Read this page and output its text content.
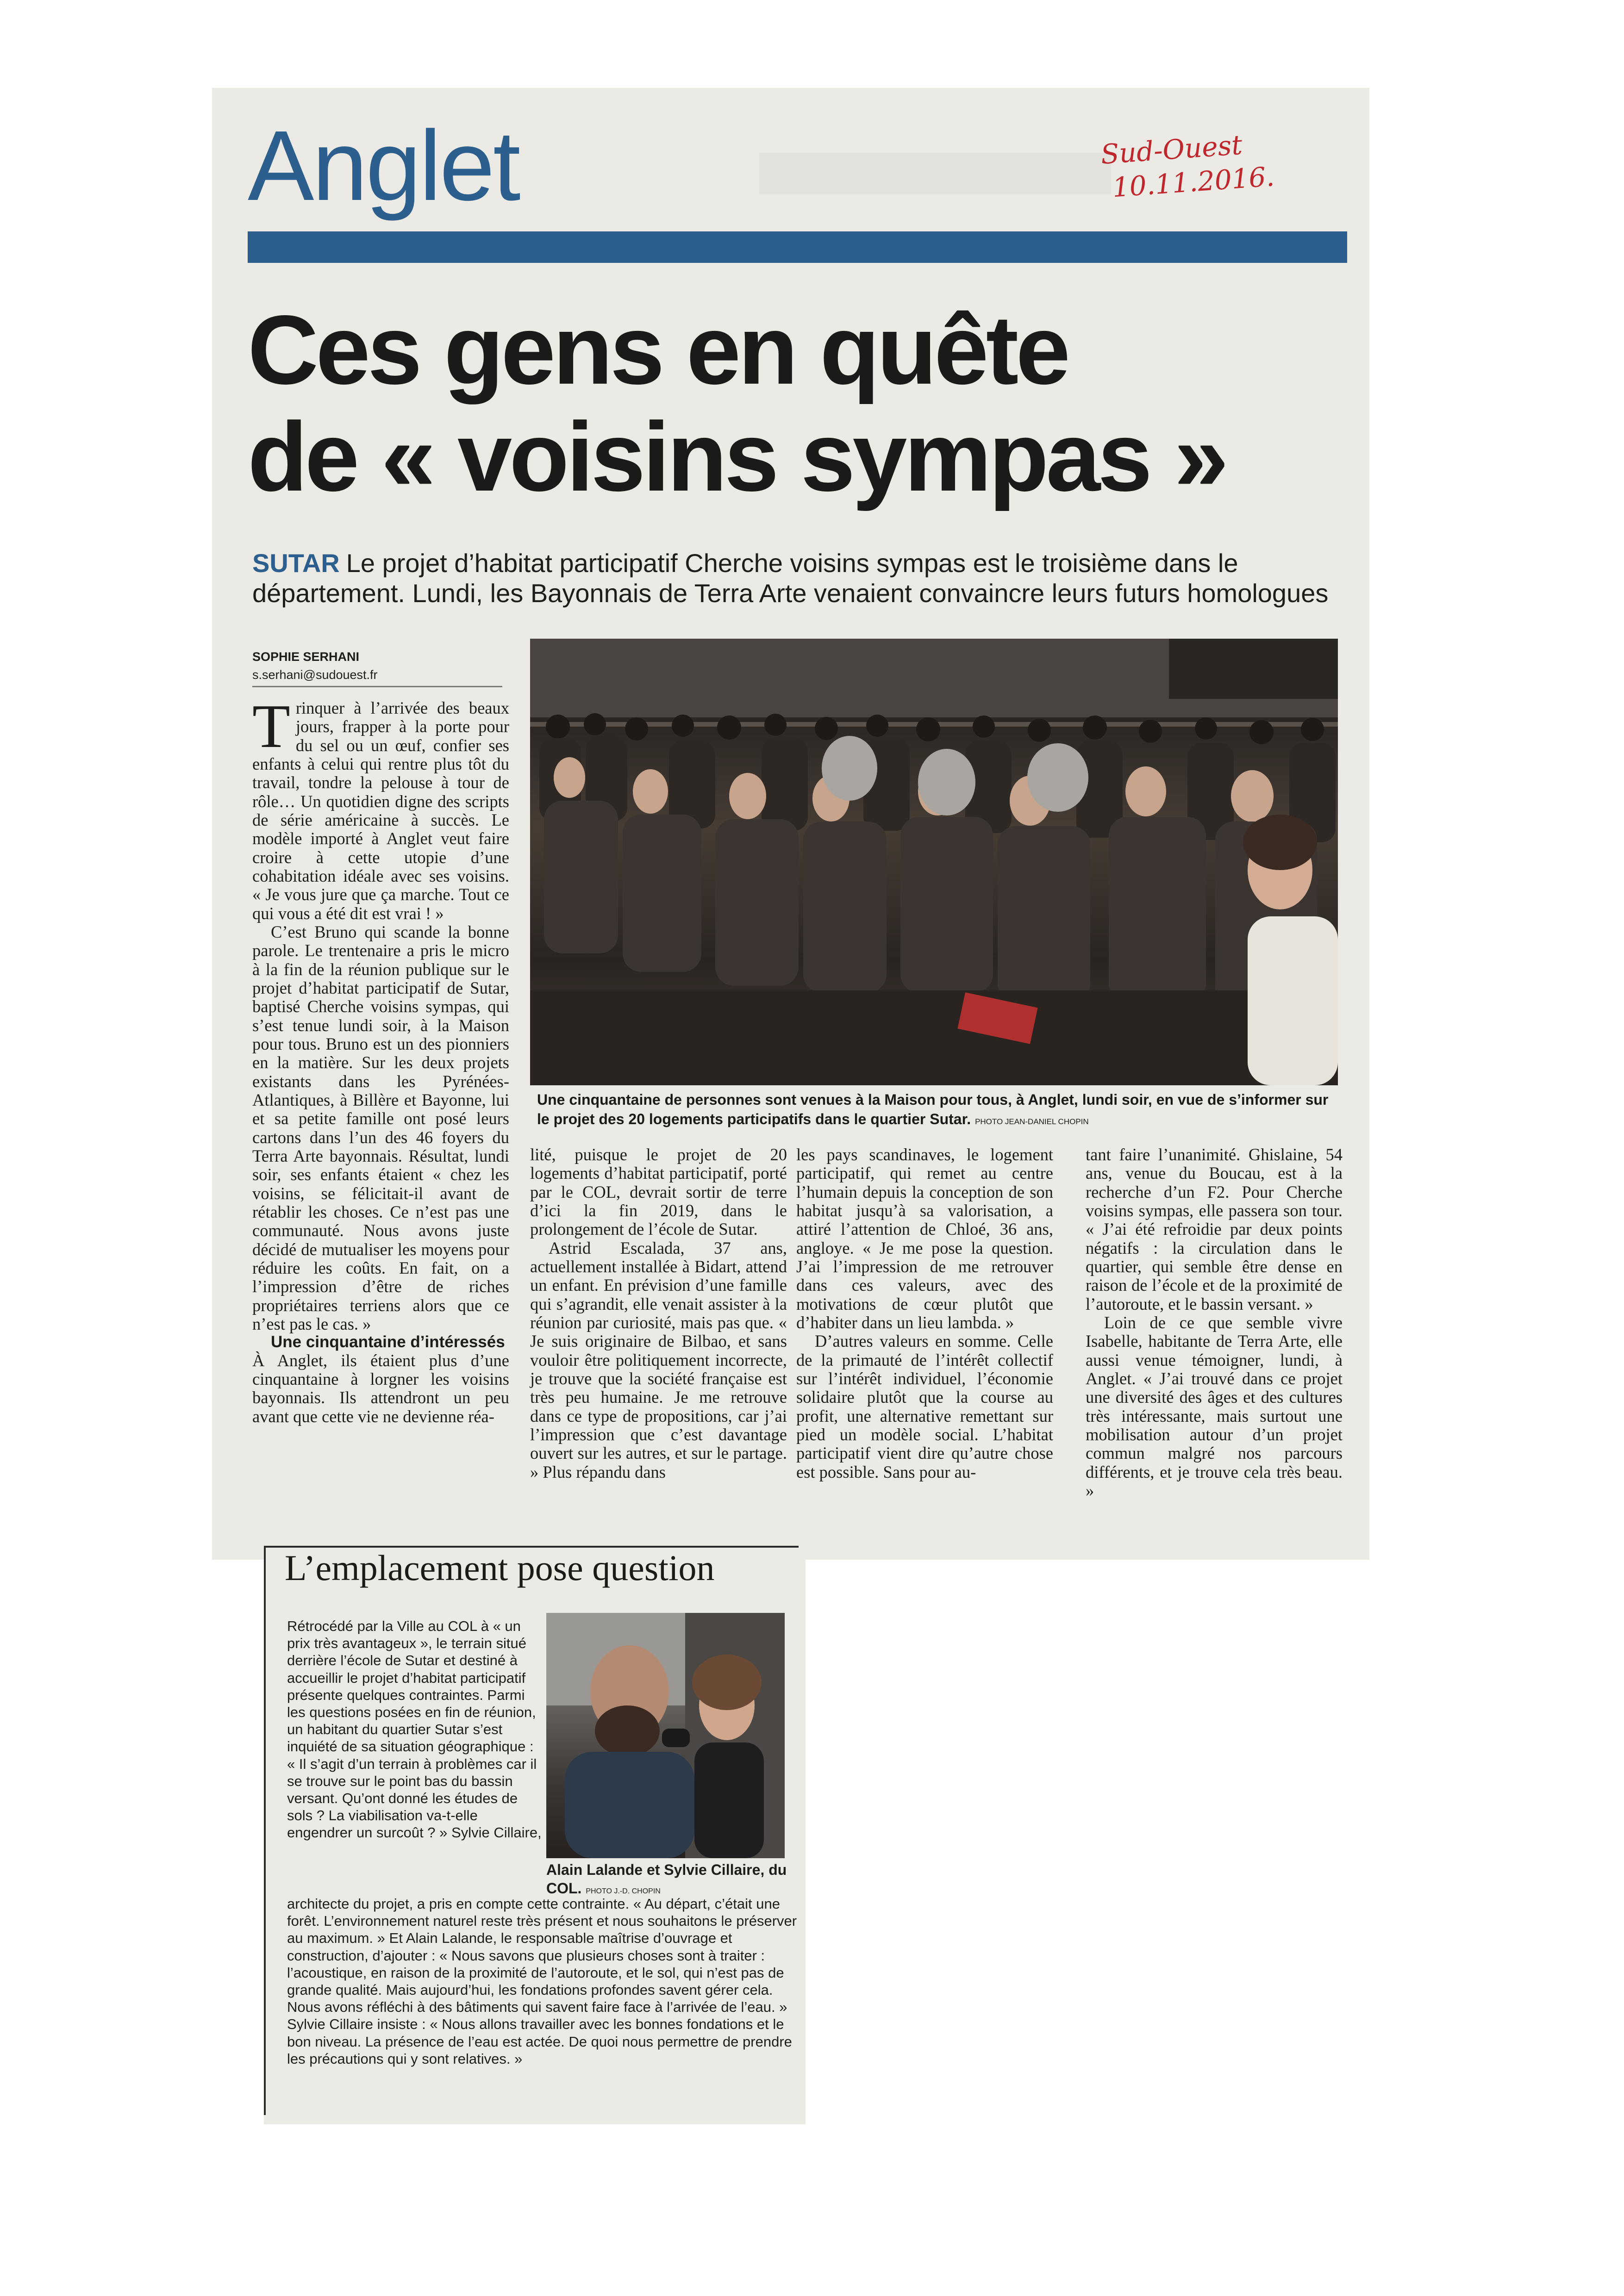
Anglet	Sud-Ouest
10.11.2016.
Ces gens en quête
de « voisins sympas »
SUTAR Le projet d’habitat participatif Cherche voisins sympas est le troisième dans le département. Lundi, les Bayonnais de Terra Arte venaient convaincre leurs futurs homologues
SOPHIE SERHANI
s.serhani@sudouest.fr
Une cinquantaine de personnes sont venues à la Maison pour tous, à Anglet, lundi soir, en vue de s’informer sur le projet des 20 logements participatifs dans le quartier Sutar. PHOTO JEAN-DANIEL CHOPIN

Trinquer à l’arrivée des beaux jours, frapper à la porte pour du sel ou un œuf, confier ses enfants à celui qui rentre plus tôt du travail, tondre la pelouse à tour de rôle… Un quotidien digne des scripts de série américaine à succès. Le modèle importé à Anglet veut faire croire à cette utopie d’une cohabitation idéale avec ses voisins. « Je vous jure que ça marche. Tout ce qui vous a été dit est vrai ! »

C’est Bruno qui scande la bonne parole. Le trentenaire a pris le micro à la fin de la réunion publique sur le projet d’habitat participatif de Sutar, baptisé Cherche voisins sympas, qui s’est tenue lundi soir, à la Maison pour tous. Bruno est un des pionniers en la matière. Sur les deux projets existants dans les Pyrénées-Atlantiques, à Billère et Bayonne, lui et sa petite famille ont posé leurs cartons dans l’un des 46 foyers du Terra Arte bayonnais. Résultat, lundi soir, ses enfants étaient « chez les voisins, se félicitait-il avant de rétablir les choses. Ce n’est pas une communauté. Nous avons juste décidé de mutualiser les moyens pour réduire les coûts. En fait, on a l’impression d’être de riches propriétaires terriens alors que ce n’est pas le cas. »

Une cinquantaine d’intéressés

À Anglet, ils étaient plus d’une cinquantaine à lorgner les voisins bayonnais. Ils attendront un peu avant que cette vie ne devienne réa-

lité, puisque le projet de 20 logements d’habitat participatif, porté par le COL, devrait sortir de terre d’ici la fin 2019, dans le prolongement de l’école de Sutar.

Astrid Escalada, 37 ans, actuellement installée à Bidart, attend un enfant. En prévision d’une famille qui s’agrandit, elle venait assister à la réunion par curiosité, mais pas que. « Je suis originaire de Bilbao, et sans vouloir être politiquement incorrecte, je trouve que la société française est très peu humaine. Je me retrouve dans ce type de propositions, car j’ai l’impression que c’est davantage ouvert sur les autres, et sur le partage. » Plus répandu dans

les pays scandinaves, le logement participatif, qui remet au centre l’humain depuis la conception de son habitat jusqu’à sa valorisation, a attiré l’attention de Chloé, 36 ans, angloye. « Je me pose la question. J’ai l’impression de me retrouver dans ces valeurs, avec des motivations de cœur plutôt que d’habiter dans un lieu lambda. »

D’autres valeurs en somme. Celle de la primauté de l’intérêt collectif sur l’intérêt individuel, l’économie solidaire plutôt que la course au profit, une alternative remettant sur pied un modèle social. L’habitat participatif vient dire qu’autre chose est possible. Sans pour au-

tant faire l’unanimité. Ghislaine, 54 ans, venue du Boucau, est à la recherche d’un F2. Pour Cherche voisins sympas, elle passera son tour. « J’ai été refroidie par deux points négatifs : la circulation dans le quartier, qui semble être dense en raison de l’école et de la proximité de l’autoroute, et le bassin versant. »

Loin de ce que semble vivre Isabelle, habitante de Terra Arte, elle aussi venue témoigner, lundi, à Anglet. « J’ai trouvé dans ce projet une diversité des âges et des cultures très intéressante, mais surtout une mobilisation autour d’un projet commun malgré nos parcours différents, et je trouve cela très beau. »

L’emplacement pose question
Rétrocédé par la Ville au COL à « un prix très avantageux », le terrain situé derrière l’école de Sutar et destiné à accueillir le projet d’habitat participatif présente quelques contraintes. Parmi les questions posées en fin de réunion, un habitant du quartier Sutar s’est inquiété de sa situation géographique : « Il s’agit d’un terrain à problèmes car il se trouve sur le point bas du bassin versant. Qu’ont donné les études de sols ? La viabilisation va-t-elle engendrer un surcoût ? » Sylvie Cillaire,
Alain Lalande et Sylvie Cillaire, du COL. PHOTO J.-D. CHOPIN
architecte du projet, a pris en compte cette contrainte. « Au départ, c’était une forêt. L’environnement naturel reste très présent et nous souhaitons le préserver au maximum. » Et Alain Lalande, le responsable maîtrise d’ouvrage et construction, d’ajouter : « Nous savons que plusieurs choses sont à traiter : l’acoustique, en raison de la proximité de l’autoroute, et le sol, qui n’est pas de grande qualité. Mais aujourd’hui, les fondations profondes savent gérer cela. Nous avons réfléchi à des bâtiments qui savent faire face à l’arrivée de l’eau. » Sylvie Cillaire insiste : « Nous allons travailler avec les bonnes fondations et le bon niveau. La présence de l’eau est actée. De quoi nous permettre de prendre les précautions qui y sont relatives. »
